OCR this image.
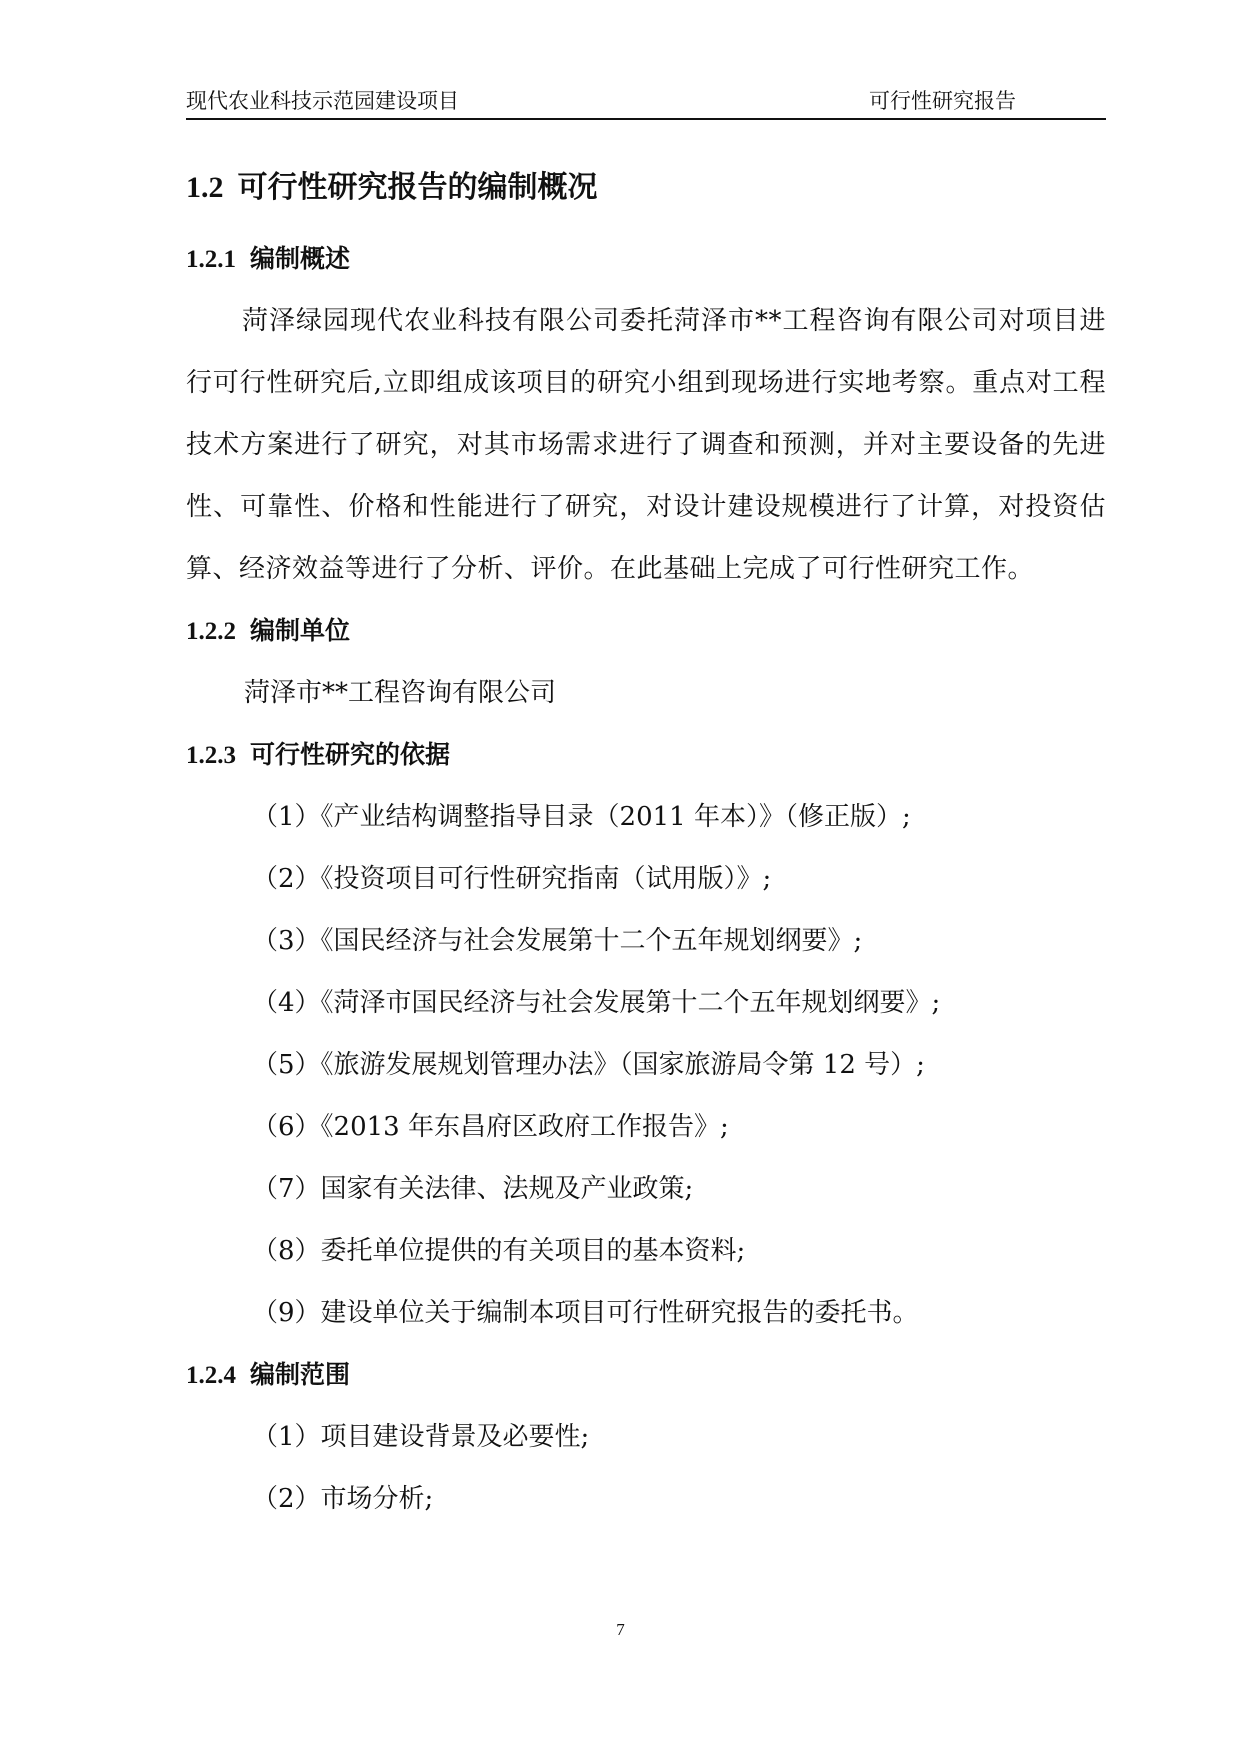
现代农业科技示范园建设项目	可行性研究报告
1.2 可行性研究报告的编制概况
1.2.1 编制概述

菏泽绿园现代农业科技有限公司委托菏泽市**工程咨询有限公司对项目进行可行性研究后,立即组成该项目的研究小组到现场进行实地考察。重点对工程技术方案进行了研究，对其市场需求进行了调查和预测，并对主要设备的先进性、可靠性、价格和性能进行了研究，对设计建设规模进行了计算，对投资估算、经济效益等进行了分析、评价。在此基础上完成了可行性研究工作。

1.2.2 编制单位
菏泽市**工程咨询有限公司
1.2.3 可行性研究的依据
（1）《产业结构调整指导目录（2011 年本）》（修正版）;
（2）《投资项目可行性研究指南（试用版）》;
（3）《国民经济与社会发展第十二个五年规划纲要》;
（4）《菏泽市国民经济与社会发展第十二个五年规划纲要》;
（5）《旅游发展规划管理办法》（国家旅游局令第 12 号）;
（6）《2013 年东昌府区政府工作报告》;
（7）国家有关法律、法规及产业政策;
（8）委托单位提供的有关项目的基本资料;
（9）建设单位关于编制本项目可行性研究报告的委托书。
1.2.4 编制范围
（1）项目建设背景及必要性;
（2）市场分析;
7
